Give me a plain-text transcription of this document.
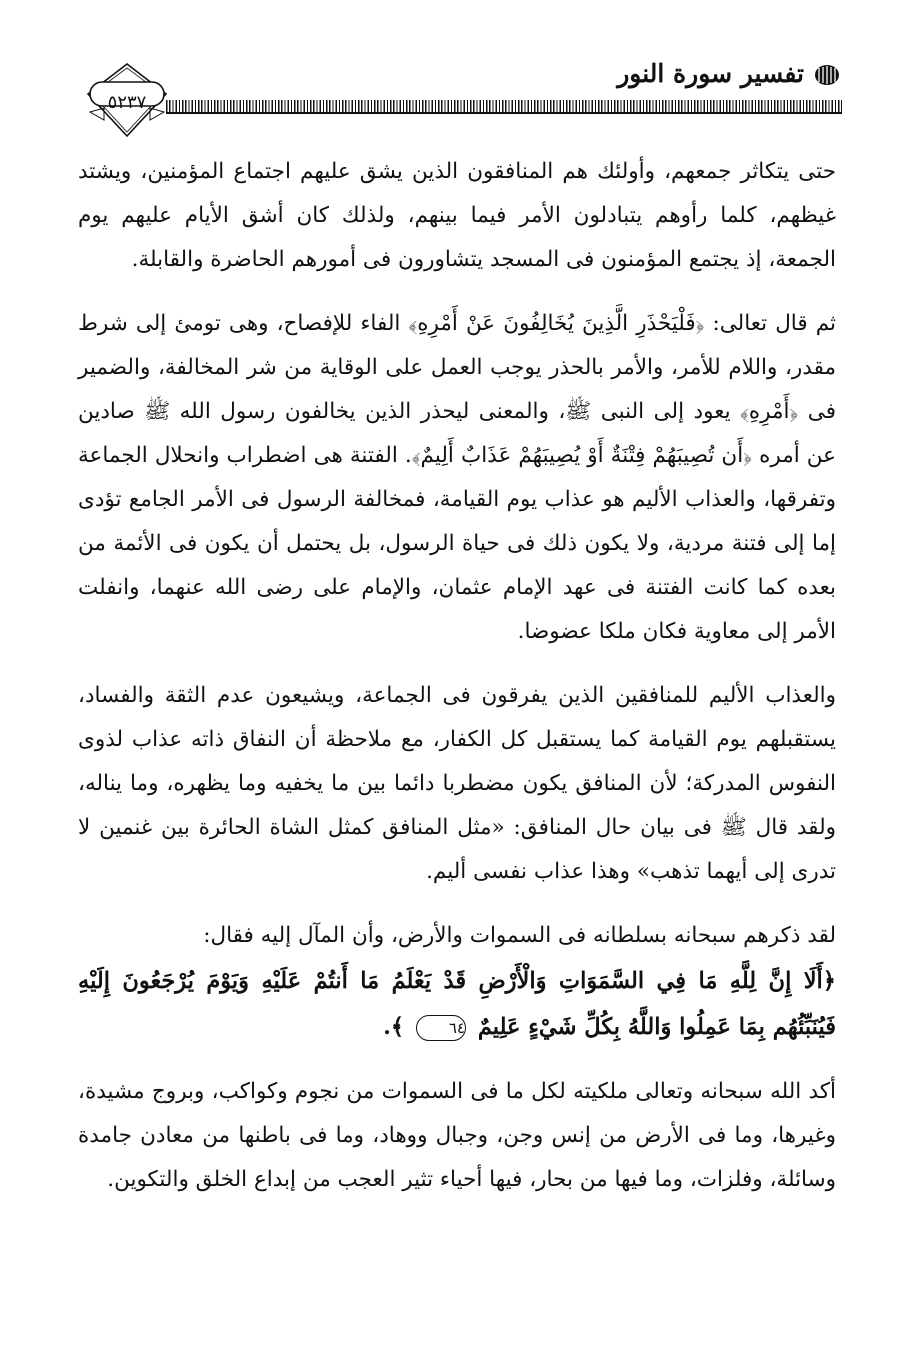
تفسير سورة النور
٥٢٣٧

حتى يتكاثر جمعهم، وأولئك هم المنافقون الذين يشق عليهم اجتماع المؤمنين، ويشتد غيظهم، كلما رأوهم يتبادلون الأمر فيما بينهم، ولذلك كان أشق الأيام عليهم يوم الجمعة، إذ يجتمع المؤمنون فى المسجد يتشاورون فى أمورهم الحاضرة والقابلة.

ثم قال تعالى: ﴿فَلْيَحْذَرِ الَّذِينَ يُخَالِفُونَ عَنْ أَمْرِهِ﴾ الفاء للإفصاح، وهى تومئ إلى شرط مقدر، واللام للأمر، والأمر بالحذر يوجب العمل على الوقاية من شر المخالفة، والضمير فى ﴿أَمْرِهِ﴾ يعود إلى النبى ﷺ، والمعنى ليحذر الذين يخالفون رسول الله ﷺ صادين عن أمره ﴿أَن تُصِيبَهُمْ فِتْنَةٌ أَوْ يُصِيبَهُمْ عَذَابٌ أَلِيمٌ﴾. الفتنة هى اضطراب وانحلال الجماعة وتفرقها، والعذاب الأليم هو عذاب يوم القيامة، فمخالفة الرسول فى الأمر الجامع تؤدى إما إلى فتنة مردية، ولا يكون ذلك فى حياة الرسول، بل يحتمل أن يكون فى الأئمة من بعده كما كانت الفتنة فى عهد الإمام عثمان، والإمام على رضى الله عنهما، وانفلت الأمر إلى معاوية فكان ملكا عضوضا.

والعذاب الأليم للمنافقين الذين يفرقون فى الجماعة، ويشيعون عدم الثقة والفساد، يستقبلهم يوم القيامة كما يستقبل كل الكفار، مع ملاحظة أن النفاق ذاته عذاب لذوى النفوس المدركة؛ لأن المنافق يكون مضطربا دائما بين ما يخفيه وما يظهره، وما يناله، ولقد قال ﷺ فى بيان حال المنافق: «مثل المنافق كمثل الشاة الحائرة بين غنمين لا تدرى إلى أيهما تذهب» وهذا عذاب نفسى أليم.

لقد ذكرهم سبحانه بسلطانه فى السموات والأرض، وأن المآل إليه فقال:

﴿أَلَا إِنَّ لِلَّهِ مَا فِي السَّمَوَاتِ وَالْأَرْضِ قَدْ يَعْلَمُ مَا أَنتُمْ عَلَيْهِ وَيَوْمَ يُرْجَعُونَ إِلَيْهِ فَيُنَبِّئُهُم بِمَا عَمِلُوا وَاللَّهُ بِكُلِّ شَيْءٍ عَلِيمٌ ٦٤ ﴾.

أكد الله سبحانه وتعالى ملكيته لكل ما فى السموات من نجوم وكواكب، وبروج مشيدة، وغيرها، وما فى الأرض من إنس وجن، وجبال ووهاد، وما فى باطنها من معادن جامدة وسائلة، وفلزات، وما فيها من بحار، فيها أحياء تثير العجب من إبداع الخلق والتكوين.
